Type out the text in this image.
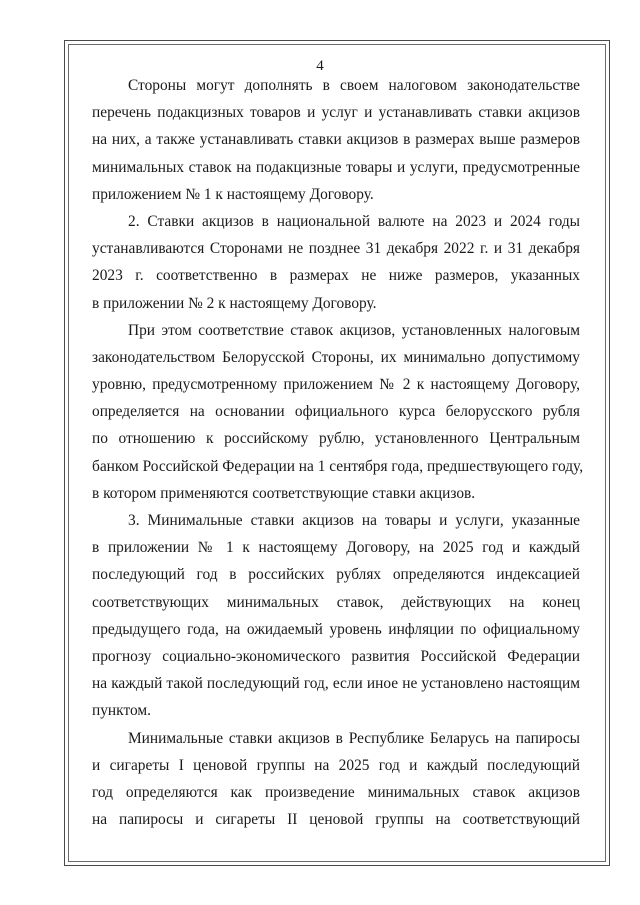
4
Стороны могут дополнять в своем налоговом законодательстве
перечень подакцизных товаров и услуг и устанавливать ставки акцизов
на них, а также устанавливать ставки акцизов в размерах выше размеров
минимальных ставок на подакцизные товары и услуги, предусмотренные
приложением № 1 к настоящему Договору.
2. Ставки акцизов в национальной валюте на 2023 и 2024 годы
устанавливаются Сторонами не позднее 31 декабря 2022 г. и 31 декабря
2023 г. соответственно в размерах не ниже размеров, указанных
в приложении № 2 к настоящему Договору.
При этом соответствие ставок акцизов, установленных налоговым
законодательством Белорусской Стороны, их минимально допустимому
уровню, предусмотренному приложением № 2 к настоящему Договору,
определяется на основании официального курса белорусского рубля
по отношению к российскому рублю, установленного Центральным
банком Российской Федерации на 1 сентября года, предшествующего году,
в котором применяются соответствующие ставки акцизов.
3. Минимальные ставки акцизов на товары и услуги, указанные
в приложении № 1 к настоящему Договору, на 2025 год и каждый
последующий год в российских рублях определяются индексацией
соответствующих минимальных ставок, действующих на конец
предыдущего года, на ожидаемый уровень инфляции по официальному
прогнозу социально-экономического развития Российской Федерации
на каждый такой последующий год, если иное не установлено настоящим
пунктом.
Минимальные ставки акцизов в Республике Беларусь на папиросы
и сигареты I ценовой группы на 2025 год и каждый последующий
год определяются как произведение минимальных ставок акцизов
на папиросы и сигареты II ценовой группы на соответствующий
